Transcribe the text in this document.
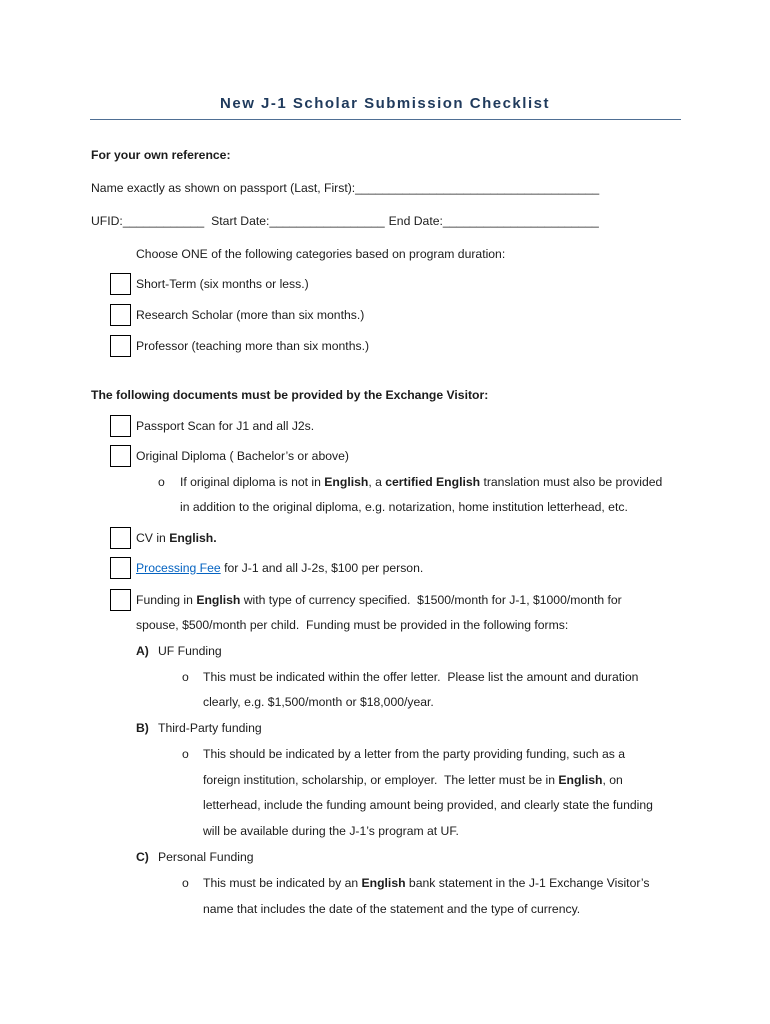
New J-1 Scholar Submission Checklist
For your own reference:
Name exactly as shown on passport (Last, First):____________________________________
UFID:____________ Start Date:_________________ End Date:_______________________
Choose ONE of the following categories based on program duration:
Short-Term (six months or less.)
Research Scholar (more than six months.)
Professor (teaching more than six months.)
The following documents must be provided by the Exchange Visitor:
Passport Scan for J1 and all J2s.
Original Diploma ( Bachelor’s or above)
o If original diploma is not in English, a certified English translation must also be provided
in addition to the original diploma, e.g. notarization, home institution letterhead, etc.
CV in English.
Processing Fee for J-1 and all J-2s, $100 per person.
Funding in English with type of currency specified.  $1500/month for J-1, $1000/month for
spouse, $500/month per child.  Funding must be provided in the following forms:
A) UF Funding
o This must be indicated within the offer letter.  Please list the amount and duration
clearly, e.g. $1,500/month or $18,000/year.
B) Third-Party funding
o This should be indicated by a letter from the party providing funding, such as a
foreign institution, scholarship, or employer.  The letter must be in English, on
letterhead, include the funding amount being provided, and clearly state the funding
will be available during the J-1’s program at UF.
C) Personal Funding
o This must be indicated by an English bank statement in the J-1 Exchange Visitor’s
name that includes the date of the statement and the type of currency.
